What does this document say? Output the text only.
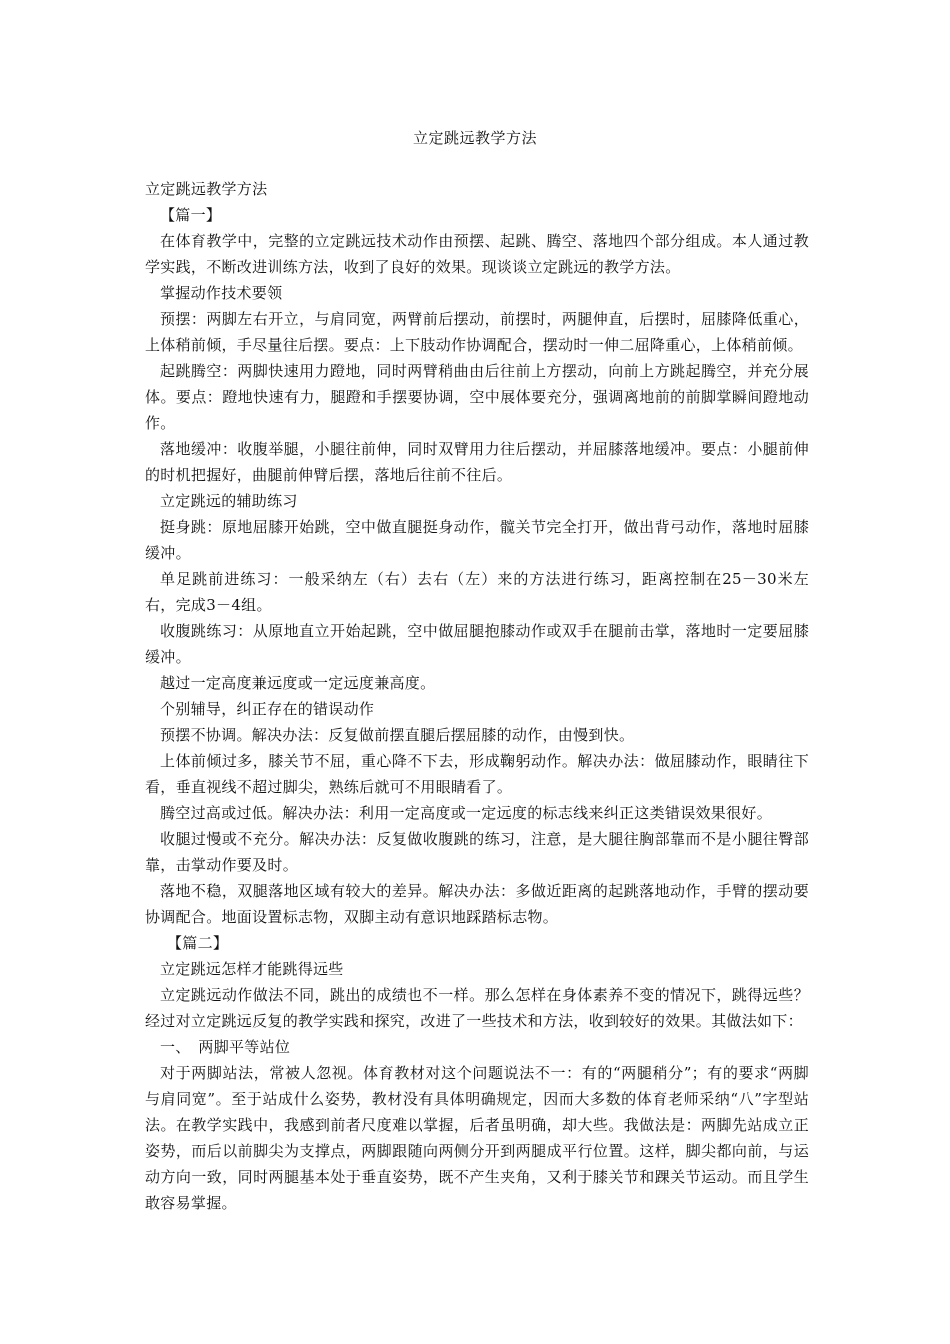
立定跳远教学方法

立定跳远教学方法

【篇一】

在体育教学中，完整的立定跳远技术动作由预摆、起跳、腾空、落地四个部分组成。本人通过教学实践，不断改进训练方法，收到了良好的效果。现谈谈立定跳远的教学方法。

掌握动作技术要领

预摆：两脚左右开立，与肩同宽，两臂前后摆动，前摆时，两腿伸直，后摆时，屈膝降低重心，上体稍前倾，手尽量往后摆。要点：上下肢动作协调配合，摆动时一伸二屈降重心，上体稍前倾。

起跳腾空：两脚快速用力蹬地，同时两臂稍曲由后往前上方摆动，向前上方跳起腾空，并充分展体。要点：蹬地快速有力，腿蹬和手摆要协调，空中展体要充分，强调离地前的前脚掌瞬间蹬地动作。

落地缓冲：收腹举腿，小腿往前伸，同时双臂用力往后摆动，并屈膝落地缓冲。要点：小腿前伸的时机把握好，曲腿前伸臂后摆，落地后往前不往后。

立定跳远的辅助练习

挺身跳：原地屈膝开始跳，空中做直腿挺身动作，髋关节完全打开，做出背弓动作，落地时屈膝缓冲。

单足跳前进练习：一般采纳左（右）去右（左）来的方法进行练习，距离控制在25－30米左右，完成3－4组。

收腹跳练习：从原地直立开始起跳，空中做屈腿抱膝动作或双手在腿前击掌，落地时一定要屈膝缓冲。

越过一定高度兼远度或一定远度兼高度。

个别辅导，纠正存在的错误动作

预摆不协调。解决办法：反复做前摆直腿后摆屈膝的动作，由慢到快。

上体前倾过多，膝关节不屈，重心降不下去，形成鞠躬动作。解决办法：做屈膝动作，眼睛往下看，垂直视线不超过脚尖，熟练后就可不用眼睛看了。

腾空过高或过低。解决办法：利用一定高度或一定远度的标志线来纠正这类错误效果很好。

收腿过慢或不充分。解决办法：反复做收腹跳的练习，注意，是大腿往胸部靠而不是小腿往臀部靠，击掌动作要及时。

落地不稳，双腿落地区域有较大的差异。解决办法：多做近距离的起跳落地动作，手臂的摆动要协调配合。地面设置标志物，双脚主动有意识地踩踏标志物。

【篇二】

立定跳远怎样才能跳得远些

立定跳远动作做法不同，跳出的成绩也不一样。那么怎样在身体素养不变的情况下，跳得远些？经过对立定跳远反复的教学实践和探究，改进了一些技术和方法，收到较好的效果。其做法如下：

一、　两脚平等站位

对于两脚站法，常被人忽视。体育教材对这个问题说法不一：有的“两腿稍分”；有的要求“两脚与肩同宽”。至于站成什么姿势，教材没有具体明确规定，因而大多数的体育老师采纳“八”字型站法。在教学实践中，我感到前者尺度难以掌握，后者虽明确，却大些。我做法是：两脚先站成立正姿势，而后以前脚尖为支撑点，两脚跟随向两侧分开到两腿成平行位置。这样，脚尖都向前，与运动方向一致，同时两腿基本处于垂直姿势，既不产生夹角，又利于膝关节和踝关节运动。而且学生敢容易掌握。
